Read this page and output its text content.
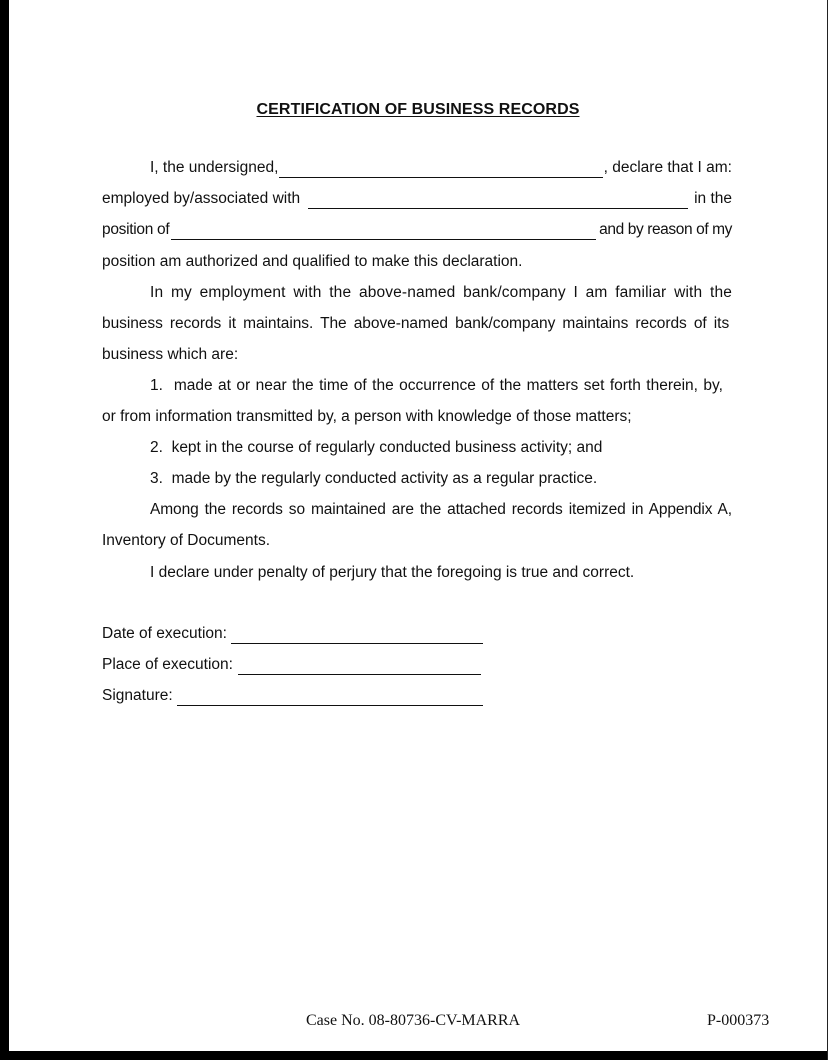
CERTIFICATION OF BUSINESS RECORDS
I, the undersigned,	, declare that I am:
employed by/associated with	in the
position of	and by reason of my
position am authorized and qualified to make this declaration.
In my employment with the above-named bank/company I am familiar with the
business records it maintains. The above-named bank/company maintains records of its
business which are:
1. made at or near the time of the occurrence of the matters set forth therein, by,
or from information transmitted by, a person with knowledge of those matters;
2. kept in the course of regularly conducted business activity; and
3. made by the regularly conducted activity as a regular practice.
Among the records so maintained are the attached records itemized in Appendix A,
Inventory of Documents.
I declare under penalty of perjury that the foregoing is true and correct.
Date of execution:
Place of execution:
Signature:
Case No. 08-80736-CV-MARRA	P-000373
